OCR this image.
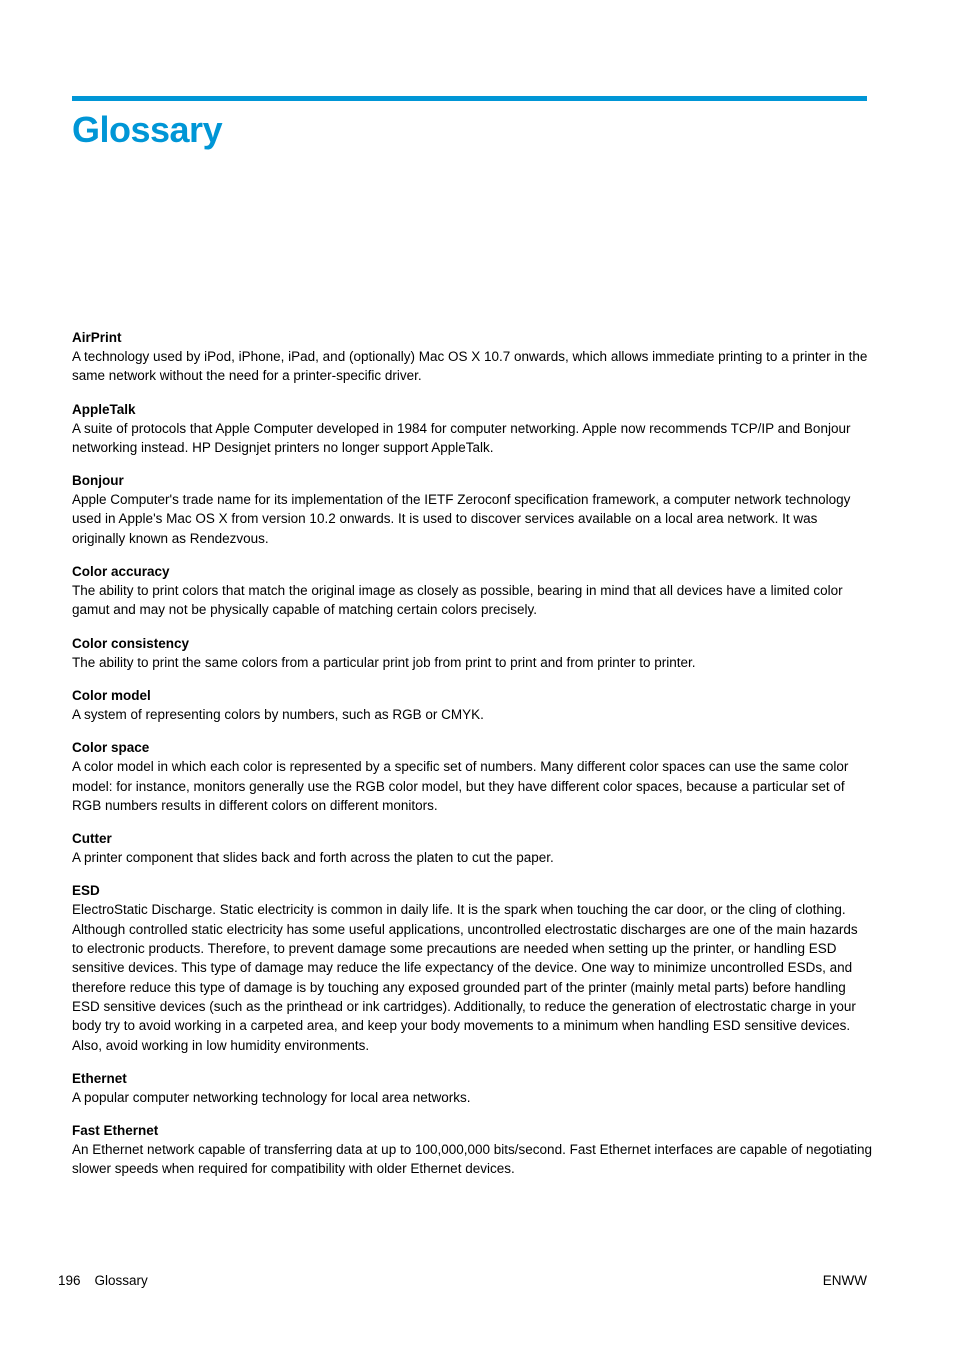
Glossary

AirPrint

A technology used by iPod, iPhone, iPad, and (optionally) Mac OS X 10.7 onwards, which allows immediate printing to a printer in the same network without the need for a printer-specific driver.

AppleTalk

A suite of protocols that Apple Computer developed in 1984 for computer networking. Apple now recommends TCP/IP and Bonjour networking instead. HP Designjet printers no longer support AppleTalk.

Bonjour

Apple Computer's trade name for its implementation of the IETF Zeroconf specification framework, a computer network technology used in Apple's Mac OS X from version 10.2 onwards. It is used to discover services available on a local area network. It was originally known as Rendezvous.

Color accuracy

The ability to print colors that match the original image as closely as possible, bearing in mind that all devices have a limited color gamut and may not be physically capable of matching certain colors precisely.

Color consistency

The ability to print the same colors from a particular print job from print to print and from printer to printer.

Color model

A system of representing colors by numbers, such as RGB or CMYK.

Color space

A color model in which each color is represented by a specific set of numbers. Many different color spaces can use the same color model: for instance, monitors generally use the RGB color model, but they have different color spaces, because a particular set of RGB numbers results in different colors on different monitors.

Cutter

A printer component that slides back and forth across the platen to cut the paper.

ESD

ElectroStatic Discharge. Static electricity is common in daily life. It is the spark when touching the car door, or the cling of clothing. Although controlled static electricity has some useful applications, uncontrolled electrostatic discharges are one of the main hazards to electronic products. Therefore, to prevent damage some precautions are needed when setting up the printer, or handling ESD sensitive devices. This type of damage may reduce the life expectancy of the device. One way to minimize uncontrolled ESDs, and therefore reduce this type of damage is by touching any exposed grounded part of the printer (mainly metal parts) before handling ESD sensitive devices (such as the printhead or ink cartridges). Additionally, to reduce the generation of electrostatic charge in your body try to avoid working in a carpeted area, and keep your body movements to a minimum when handling ESD sensitive devices. Also, avoid working in low humidity environments.

Ethernet

A popular computer networking technology for local area networks.

Fast Ethernet

An Ethernet network capable of transferring data at up to 100,000,000 bits/second. Fast Ethernet interfaces are capable of negotiating slower speeds when required for compatibility with older Ethernet devices.

196 Glossary	ENWW
